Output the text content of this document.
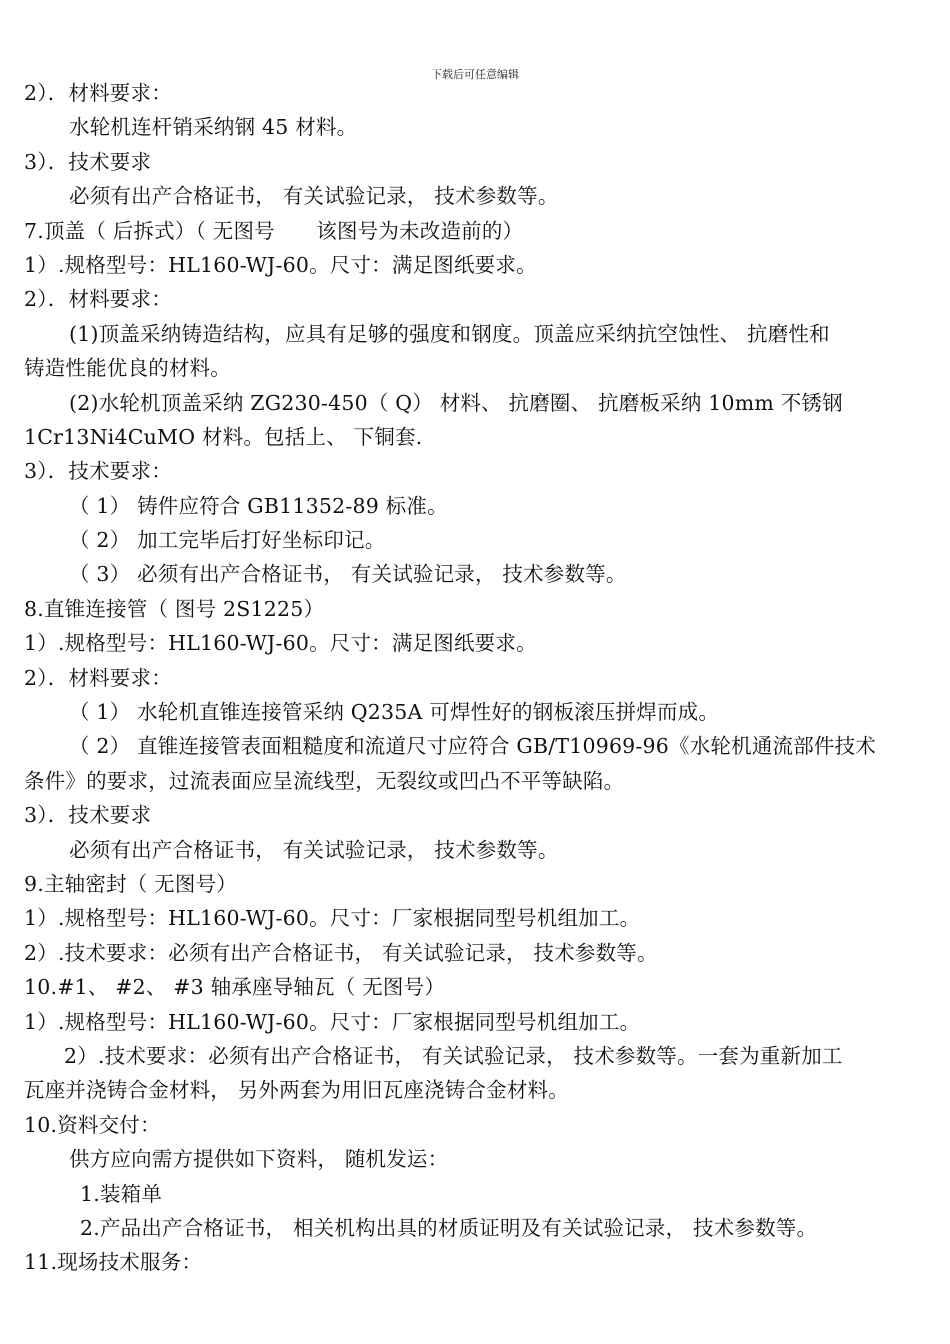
下载后可任意编辑
2）．材料要求：
水轮机连杆销采纳钢 45 材料。
3）．技术要求
必须有出产合格证书， 有关试验记录， 技术参数等。
7.顶盖（ 后拆式）（ 无图号　　该图号为未改造前的）
1）.规格型号：HL160-WJ-60。尺寸：满足图纸要求。
2）．材料要求：
(1)顶盖采纳铸造结构，应具有足够的强度和钢度。顶盖应采纳抗空蚀性、 抗磨性和
铸造性能优良的材料。
(2)水轮机顶盖采纳 ZG230-450（ Q） 材料、 抗磨圈、 抗磨板采纳 10mm 不锈钢
1Cr13Ni4CuMO 材料。包括上、 下铜套.
3）．技术要求：
（ 1） 铸件应符合 GB11352-89 标准。
（ 2） 加工完毕后打好坐标印记。
（ 3） 必须有出产合格证书， 有关试验记录， 技术参数等。
8.直锥连接管（ 图号 2S1225）
1）.规格型号：HL160-WJ-60。尺寸：满足图纸要求。
2）．材料要求：
（ 1） 水轮机直锥连接管采纳 Q235A 可焊性好的钢板滚压拼焊而成。
（ 2） 直锥连接管表面粗糙度和流道尺寸应符合 GB/T10969-96《水轮机通流部件技术
条件》的要求，过流表面应呈流线型，无裂纹或凹凸不平等缺陷。
3）．技术要求
必须有出产合格证书， 有关试验记录， 技术参数等。
9.主轴密封（ 无图号）
1）.规格型号：HL160-WJ-60。尺寸：厂家根据同型号机组加工。
2）.技术要求：必须有出产合格证书， 有关试验记录， 技术参数等。
10.#1、 #2、 #3 轴承座导轴瓦（ 无图号）
1）.规格型号：HL160-WJ-60。尺寸：厂家根据同型号机组加工。
2）.技术要求：必须有出产合格证书， 有关试验记录， 技术参数等。一套为重新加工
瓦座并浇铸合金材料， 另外两套为用旧瓦座浇铸合金材料。
10.资料交付：
供方应向需方提供如下资料， 随机发运：
1.装箱单
2.产品出产合格证书， 相关机构出具的材质证明及有关试验记录， 技术参数等。
11.现场技术服务：
